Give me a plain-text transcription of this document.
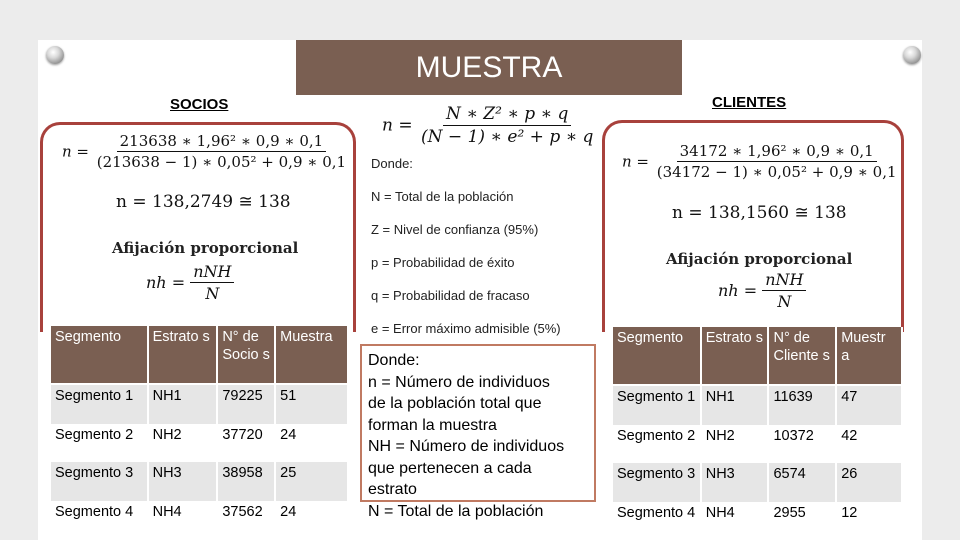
MUESTRA
SOCIOS	CLIENTES
$n = \frac{\text{213638 ∗ 1,96² ∗ 0,9 ∗ 0,1}}{\text{(213638 − 1) ∗ 0,05² + 0,9 ∗ 0,1}}$
n = 138,2749 ≅ 138
Afijación proporcional
nh = $\frac{\text{nNH}}{N}$
Segmento	Estrato s	N° de Socio s	Muestra
Segmento 1	NH1	79225	51
Segmento 2	NH2	37720	24
Segmento 3	NH3	38958	25
Segmento 4	NH4	37562	24
$n = \frac{\text{N ∗ Z² ∗ p ∗ q}}{\text{(N − 1) ∗ e² + p ∗ q}}$
Donde:
N = Total de la población
Z = Nivel de confianza (95%)
p = Probabilidad de éxito
q = Probabilidad de fracaso
e = Error máximo admisible (5%)
Donde:
n = Número de individuos
de la población total que
forman la muestra
NH = Número de individuos
que pertenecen a cada
estrato
N = Total de la población
$n = \frac{\text{34172 ∗ 1,96² ∗ 0,9 ∗ 0,1}}{\text{(34172 − 1) ∗ 0,05² + 0,9 ∗ 0,1}}$
n = 138,1560 ≅ 138
Afijación proporcional
nh = $\frac{\text{nNH}}{N}$
Segmento	Estrato s	N° de Cliente s	Muestr a
Segmento 1	NH1	11639	47
Segmento 2	NH2	10372	42
Segmento 3	NH3	6574	26
Segmento 4	NH4	2955	12
